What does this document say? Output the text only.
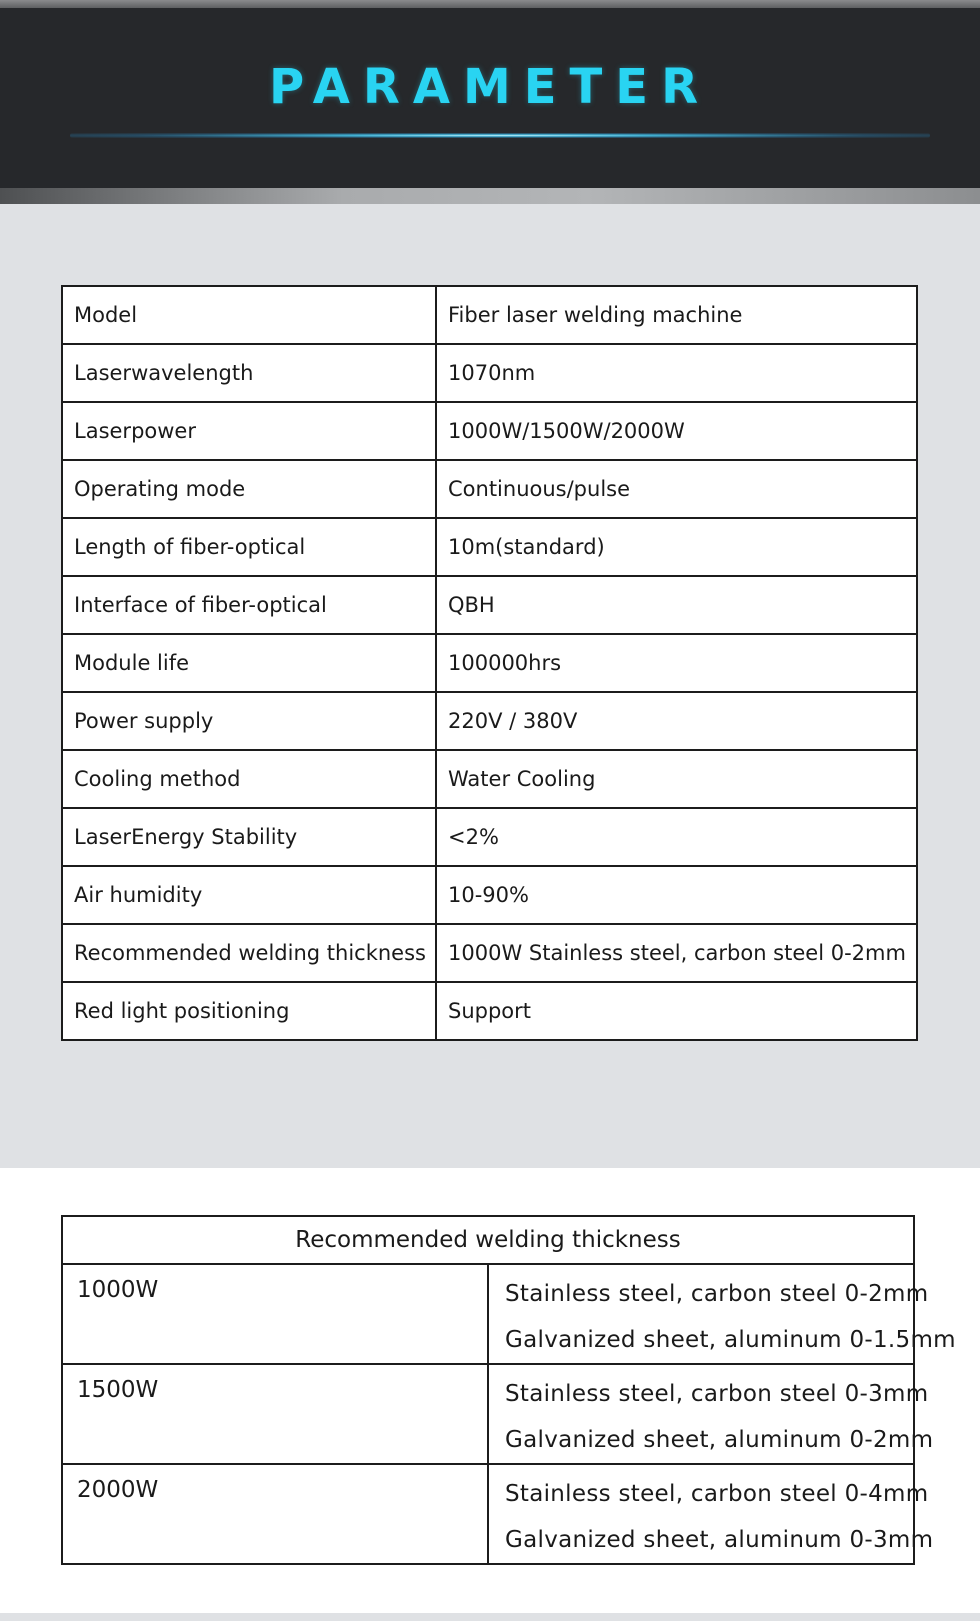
PARAMETER
Model	Fiber laser welding machine
Laserwavelength	1070nm
Laserpower	1000W/1500W/2000W
Operating mode	Continuous/pulse
Length of fiber-optical	10m(standard)
Interface of fiber-optical	QBH
Module life	100000hrs
Power supply	220V / 380V
Cooling method	Water Cooling
LaserEnergy Stability	<2%
Air humidity	10-90%
Recommended welding thickness	1000W Stainless steel, carbon steel 0-2mm
Red light positioning	Support
Recommended welding thickness	
1000W	Stainless steel, carbon steel 0-2mm
Galvanized sheet, aluminum 0-1.5mm

1500W	Stainless steel, carbon steel 0-3mm
Galvanized sheet, aluminum 0-2mm

2000W	Stainless steel, carbon steel 0-4mm
Galvanized sheet, aluminum 0-3mm
